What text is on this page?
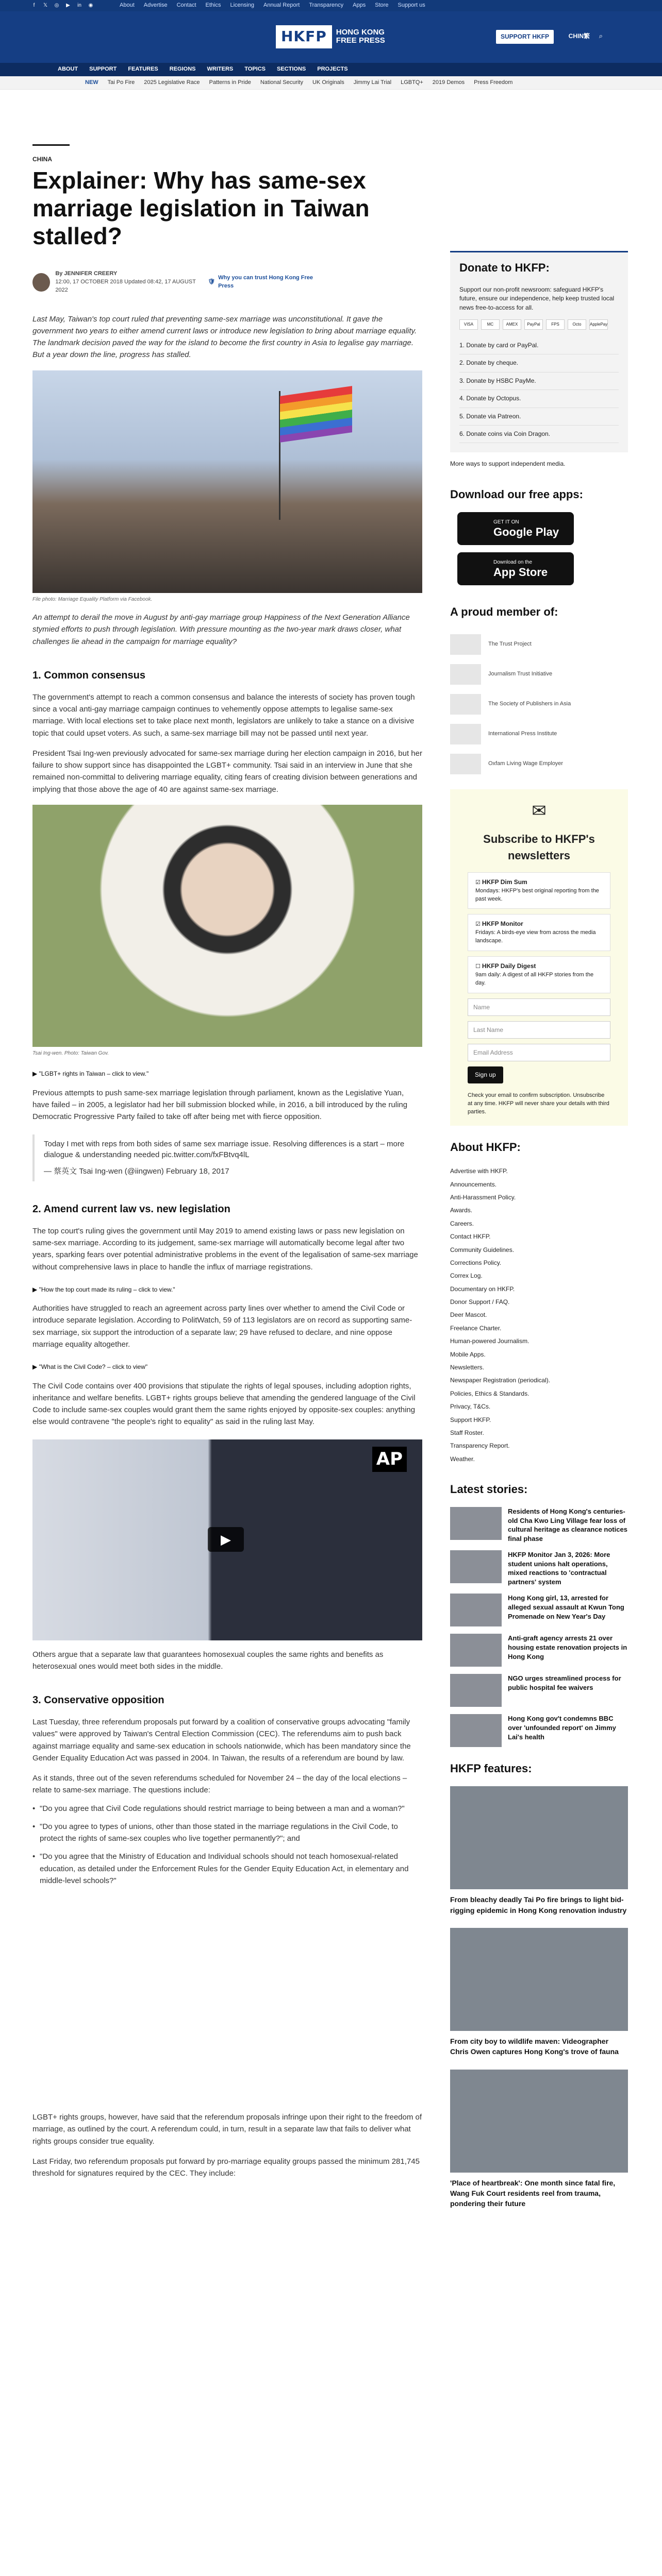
f	𝕏 ◎ ▶ in ◉	About Advertise Contact Ethics Licensing Annual Report Transparency Apps Store Support us
HKFP	HONG KONG
FREE PRESS	SUPPORT HKFP	CHIN繁 ⌕
ABOUT SUPPORT FEATURES REGIONS WRITERS TOPICS SECTIONS PROJECTS
NEW Tai Po Fire 2025 Legislative Race Patterns in Pride National Security UK Originals Jimmy Lai Trial LGBTQ+ 2019 Demos Press Freedom
CHINA
Explainer: Why has same-sex marriage legislation in Taiwan stalled?
By JENNIFER CREERY
12:00, 17 OCTOBER 2018 Updated 08:42, 17 AUGUST 2022
🛡
Why you can trust Hong Kong Free Press

Last May, Taiwan's top court ruled that preventing same-sex marriage was unconstitutional. It gave the government two years to either amend current laws or introduce new legislation to bring about marriage equality. The landmark decision paved the way for the island to become the first country in Asia to legalise gay marriage. But a year down the line, progress has stalled.

File photo: Marriage Equality Platform via Facebook.

An attempt to derail the move in August by anti-gay marriage group Happiness of the Next Generation Alliance stymied efforts to push through legislation. With pressure mounting as the two-year mark draws closer, what challenges lie ahead in the campaign for marriage equality?

1. Common consensus

The government's attempt to reach a common consensus and balance the interests of society has proven tough since a vocal anti-gay marriage campaign continues to vehemently oppose attempts to legalise same-sex marriage. With local elections set to take place next month, legislators are unlikely to take a stance on a divisive topic that could upset voters. As such, a same-sex marriage bill may not be passed until next year.

President Tsai Ing-wen previously advocated for same-sex marriage during her election campaign in 2016, but her failure to show support since has disappointed the LGBT+ community. Tsai said in an interview in June that she remained non-committal to delivering marriage equality, citing fears of creating division between generations and implying that those above the age of 40 are against same-sex marriage.

Tsai Ing-wen. Photo: Taiwan Gov.
▶ "LGBT+ rights in Taiwan – click to view."

Previous attempts to push same-sex marriage legislation through parliament, known as the Legislative Yuan, have failed – in 2005, a legislator had her bill submission blocked while, in 2016, a bill introduced by the ruling Democratic Progressive Party failed to take off after being met with fierce opposition.

Today I met with reps from both sides of same sex marriage issue. Resolving differences is a start – more dialogue & understanding needed pic.twitter.com/fxFBtvq4lL
— 蔡英文 Tsai Ing-wen (@iingwen) February 18, 2017
2. Amend current law vs. new legislation

The top court's ruling gives the government until May 2019 to amend existing laws or pass new legislation on same-sex marriage. According to its judgement, same-sex marriage will automatically become legal after two years, sparking fears over potential administrative problems in the event of the legalisation of same-sex marriage without comprehensive laws in place to handle the influx of marriage registrations.

▶ "How the top court made its ruling – click to view."

Authorities have struggled to reach an agreement across party lines over whether to amend the Civil Code or introduce separate legislation. According to PolitWatch, 59 of 113 legislators are on record as supporting same-sex marriage, six support the introduction of a separate law; 29 have refused to declare, and nine oppose marriage equality altogether.

▶ "What is the Civil Code? – click to view"

The Civil Code contains over 400 provisions that stipulate the rights of legal spouses, including adoption rights, inheritance and welfare benefits. LGBT+ rights groups believe that amending the gendered language of the Civil Code to include same-sex couples would grant them the same rights enjoyed by opposite-sex couples: anything else would contravene "the people's right to equality" as said in the ruling last May.

AP
▶

Others argue that a separate law that guarantees homosexual couples the same rights and benefits as heterosexual ones would meet both sides in the middle.

3. Conservative opposition

Last Tuesday, three referendum proposals put forward by a coalition of conservative groups advocating "family values" were approved by Taiwan's Central Election Commission (CEC). The referendums aim to push back against marriage equality and same-sex education in schools nationwide, which has been mandatory since the Gender Equality Education Act was passed in 2004. In Taiwan, the results of a referendum are bound by law.

As it stands, three out of the seven referendums scheduled for November 24 – the day of the local elections – relate to same-sex marriage. The questions include:

• "Do you agree that Civil Code regulations should restrict marriage to being between a man and a woman?"
• "Do you agree to types of unions, other than those stated in the marriage regulations in the Civil Code, to protect the rights of same-sex couples who live together permanently?"; and
• "Do you agree that the Ministry of Education and Individual schools should not teach homosexual-related education, as detailed under the Enforcement Rules for the Gender Equity Education Act, in elementary and middle-level schools?"

LGBT+ rights groups, however, have said that the referendum proposals infringe upon their right to the freedom of marriage, as outlined by the court. A referendum could, in turn, result in a separate law that fails to deliver what rights groups consider true equality.

Last Friday, two referendum proposals put forward by pro-marriage equality groups passed the minimum 281,745 threshold for signatures required by the CEC. They include:

Donate to HKFP:
Support our non-profit newsroom: safeguard HKFP's future, ensure our independence, help keep trusted local news free-to-access for all.
VISA	MC	AMEX	PayPal	FPS	Octo	ApplePay
1. Donate by card or PayPal.
2. Donate by cheque.
3. Donate by HSBC PayMe.
4. Donate by Octopus.
5. Donate via Patreon.
6. Donate coins via Coin Dragon.
More ways to support independent media.
Download our free apps:
GET IT ON
Google Play
Download on the
App Store
A proud member of:
The Trust Project
Journalism Trust Initiative
The Society of Publishers in Asia
International Press Institute
Oxfam Living Wage Employer
✉
Subscribe to HKFP's newsletters
☑ HKFP Dim Sum
Mondays: HKFP's best original reporting from the past week.
☑ HKFP Monitor
Fridays: A birds-eye view from across the media landscape.
☐ HKFP Daily Digest
9am daily: A digest of all HKFP stories from the day.
Name
Last Name
Email Address
Sign up
Check your email to confirm subscription. Unsubscribe at any time. HKFP will never share your details with third parties.
About HKFP:
Advertise with HKFP.
Announcements.
Anti-Harassment Policy.
Awards.
Careers.
Contact HKFP.
Community Guidelines.
Corrections Policy.
Correx Log.
Documentary on HKFP.
Donor Support / FAQ.
Deer Mascot.
Freelance Charter.
Human-powered Journalism.
Mobile Apps.
Newsletters.
Newspaper Registration (periodical).
Policies, Ethics & Standards.
Privacy, T&Cs.
Support HKFP.
Staff Roster.
Transparency Report.
Weather.
Latest stories:
Residents of Hong Kong's centuries-old Cha Kwo Ling Village fear loss of cultural heritage as clearance notices final phase
HKFP Monitor Jan 3, 2026: More student unions halt operations, mixed reactions to 'contractual partners' system
Hong Kong girl, 13, arrested for alleged sexual assault at Kwun Tong Promenade on New Year's Day
Anti-graft agency arrests 21 over housing estate renovation projects in Hong Kong
NGO urges streamlined process for public hospital fee waivers
Hong Kong gov't condemns BBC over 'unfounded report' on Jimmy Lai's health
HKFP features:
From bleachy deadly Tai Po fire brings to light bid-rigging epidemic in Hong Kong renovation industry
From city boy to wildlife maven: Videographer Chris Owen captures Hong Kong's trove of fauna
'Place of heartbreak': One month since fatal fire, Wang Fuk Court residents reel from trauma, pondering their future
